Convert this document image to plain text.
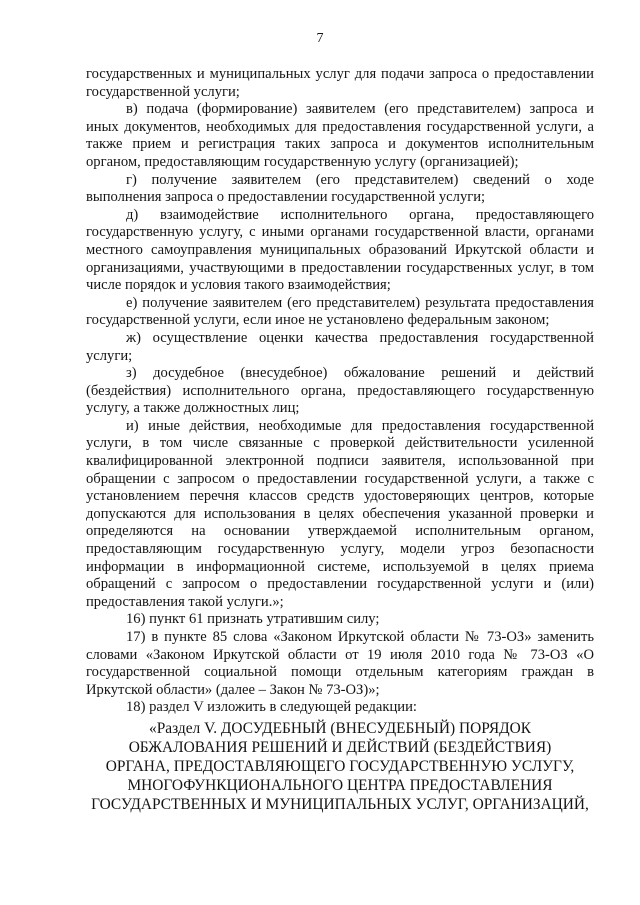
7

государственных и муниципальных услуг для подачи запроса о предоставлении государственной услуги;

в) подача (формирование) заявителем (его представителем) запроса и иных документов, необходимых для предоставления государственной услуги, а также прием и регистрация таких запроса и документов исполнительным органом, предоставляющим государственную услугу (организацией);

г) получение заявителем (его представителем) сведений о ходе выполнения запроса о предоставлении государственной услуги;

д) взаимодействие исполнительного органа, предоставляющего государственную услугу, с иными органами государственной власти, органами местного самоуправления муниципальных образований Иркутской области и организациями, участвующими в предоставлении государственных услуг, в том числе порядок и условия такого взаимодействия;

е) получение заявителем (его представителем) результата предоставления государственной услуги, если иное не установлено федеральным законом;

ж) осуществление оценки качества предоставления государственной услуги;

з) досудебное (внесудебное) обжалование решений и действий (бездействия) исполнительного органа, предоставляющего государственную услугу, а также должностных лиц;

и) иные действия, необходимые для предоставления государственной услуги, в том числе связанные с проверкой действительности усиленной квалифицированной электронной подписи заявителя, использованной при обращении с запросом о предоставлении государственной услуги, а также с установлением перечня классов средств удостоверяющих центров, которые допускаются для использования в целях обеспечения указанной проверки и определяются на основании утверждаемой исполнительным органом, предоставляющим государственную услугу, модели угроз безопасности информации в информационной системе, используемой в целях приема обращений с запросом о предоставлении государственной услуги и (или) предоставления такой услуги.»;

16) пункт 61 признать утратившим силу;

17) в пункте 85 слова «Законом Иркутской области № 73-ОЗ» заменить словами «Законом Иркутской области от 19 июля 2010 года № 73-ОЗ «О государственной социальной помощи отдельным категориям граждан в Иркутской области» (далее – Закон № 73-ОЗ)»;

18) раздел V изложить в следующей редакции:

«Раздел V. ДОСУДЕБНЫЙ (ВНЕСУДЕБНЫЙ) ПОРЯДОК
ОБЖАЛОВАНИЯ РЕШЕНИЙ И ДЕЙСТВИЙ (БЕЗДЕЙСТВИЯ)
ОРГАНА, ПРЕДОСТАВЛЯЮЩЕГО ГОСУДАРСТВЕННУЮ УСЛУГУ,
МНОГОФУНКЦИОНАЛЬНОГО ЦЕНТРА ПРЕДОСТАВЛЕНИЯ
ГОСУДАРСТВЕННЫХ И МУНИЦИПАЛЬНЫХ УСЛУГ, ОРГАНИЗАЦИЙ,
